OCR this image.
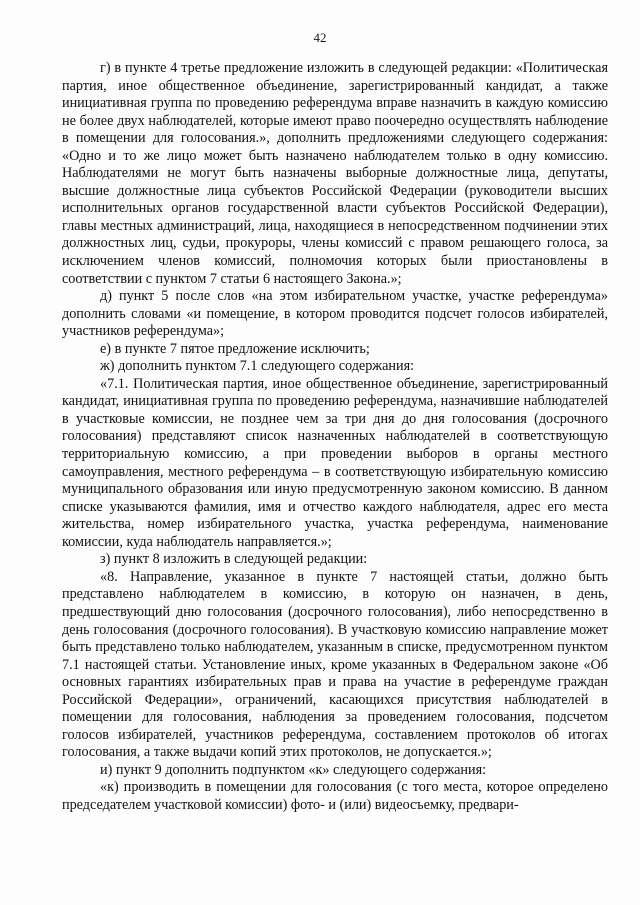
42

г) в пункте 4 третье предложение изложить в следующей редакции: «Политическая партия, иное общественное объединение, зарегистрированный кандидат, а также инициативная группа по проведению референдума вправе назначить в каждую комиссию не более двух наблюдателей, которые имеют право поочередно осуществлять наблюдение в помещении для голосования.», дополнить предложениями следующего содержания: «Одно и то же лицо может быть назначено наблюдателем только в одну комиссию. Наблюдателями не могут быть назначены выборные должностные лица, депутаты, высшие должностные лица субъектов Российской Федерации (руководители высших исполнительных органов государственной власти субъектов Российской Федерации), главы местных администраций, лица, находящиеся в непосредственном подчинении этих должностных лиц, судьи, прокуроры, члены комиссий с правом решающего голоса, за исключением членов комиссий, полномочия которых были приостановлены в соответствии с пунктом 7 статьи 6 настоящего Закона.»;

д) пункт 5 после слов «на этом избирательном участке, участке референдума» дополнить словами «и помещение, в котором проводится подсчет голосов избирателей, участников референдума»;

е) в пункте 7 пятое предложение исключить;

ж) дополнить пунктом 7.1 следующего содержания:

«7.1. Политическая партия, иное общественное объединение, зарегистрированный кандидат, инициативная группа по проведению референдума, назначившие наблюдателей в участковые комиссии, не позднее чем за три дня до дня голосования (досрочного голосования) представляют список назначенных наблюдателей в соответствующую территориальную комиссию, а при проведении выборов в органы местного самоуправления, местного референдума – в соответствующую избирательную комиссию муниципального образования или иную предусмотренную законом комиссию. В данном списке указываются фамилия, имя и отчество каждого наблюдателя, адрес его места жительства, номер избирательного участка, участка референдума, наименование комиссии, куда наблюдатель направляется.»;

з) пункт 8 изложить в следующей редакции:

«8. Направление, указанное в пункте 7 настоящей статьи, должно быть представлено наблюдателем в комиссию, в которую он назначен, в день, предшествующий дню голосования (досрочного голосования), либо непосредственно в день голосования (досрочного голосования). В участковую комиссию направление может быть представлено только наблюдателем, указанным в списке, предусмотренном пунктом 7.1 настоящей статьи. Установление иных, кроме указанных в Федеральном законе «Об основных гарантиях избирательных прав и права на участие в референдуме граждан Российской Федерации», ограничений, касающихся присутствия наблюдателей в помещении для голосования, наблюдения за проведением голосования, подсчетом голосов избирателей, участников референдума, составлением протоколов об итогах голосования, а также выдачи копий этих протоколов, не допускается.»;

и) пункт 9 дополнить подпунктом «к» следующего содержания:

«к) производить в помещении для голосования (с того места, которое определено председателем участковой комиссии) фото- и (или) видеосъемку, предвари-
